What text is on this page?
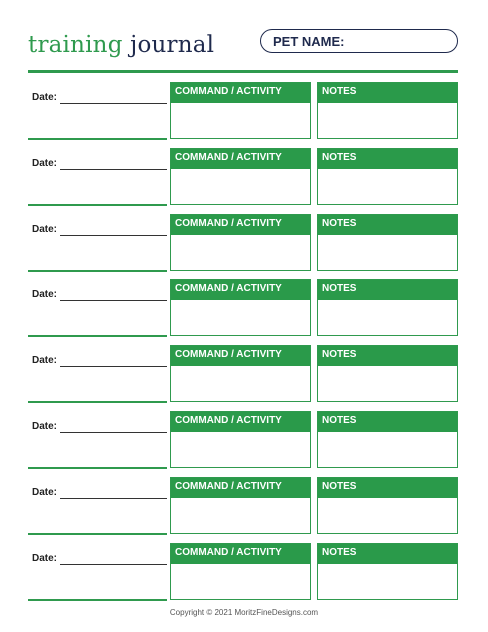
training journal	PET NAME:
Date:
COMMAND / ACTIVITY	NOTES
Date:
COMMAND / ACTIVITY	NOTES
Date:
COMMAND / ACTIVITY	NOTES
Date:
COMMAND / ACTIVITY	NOTES
Date:
COMMAND / ACTIVITY	NOTES
Date:
COMMAND / ACTIVITY	NOTES
Date:
COMMAND / ACTIVITY	NOTES
Date:
COMMAND / ACTIVITY	NOTES
Copyright © 2021 MoritzFineDesigns.com
